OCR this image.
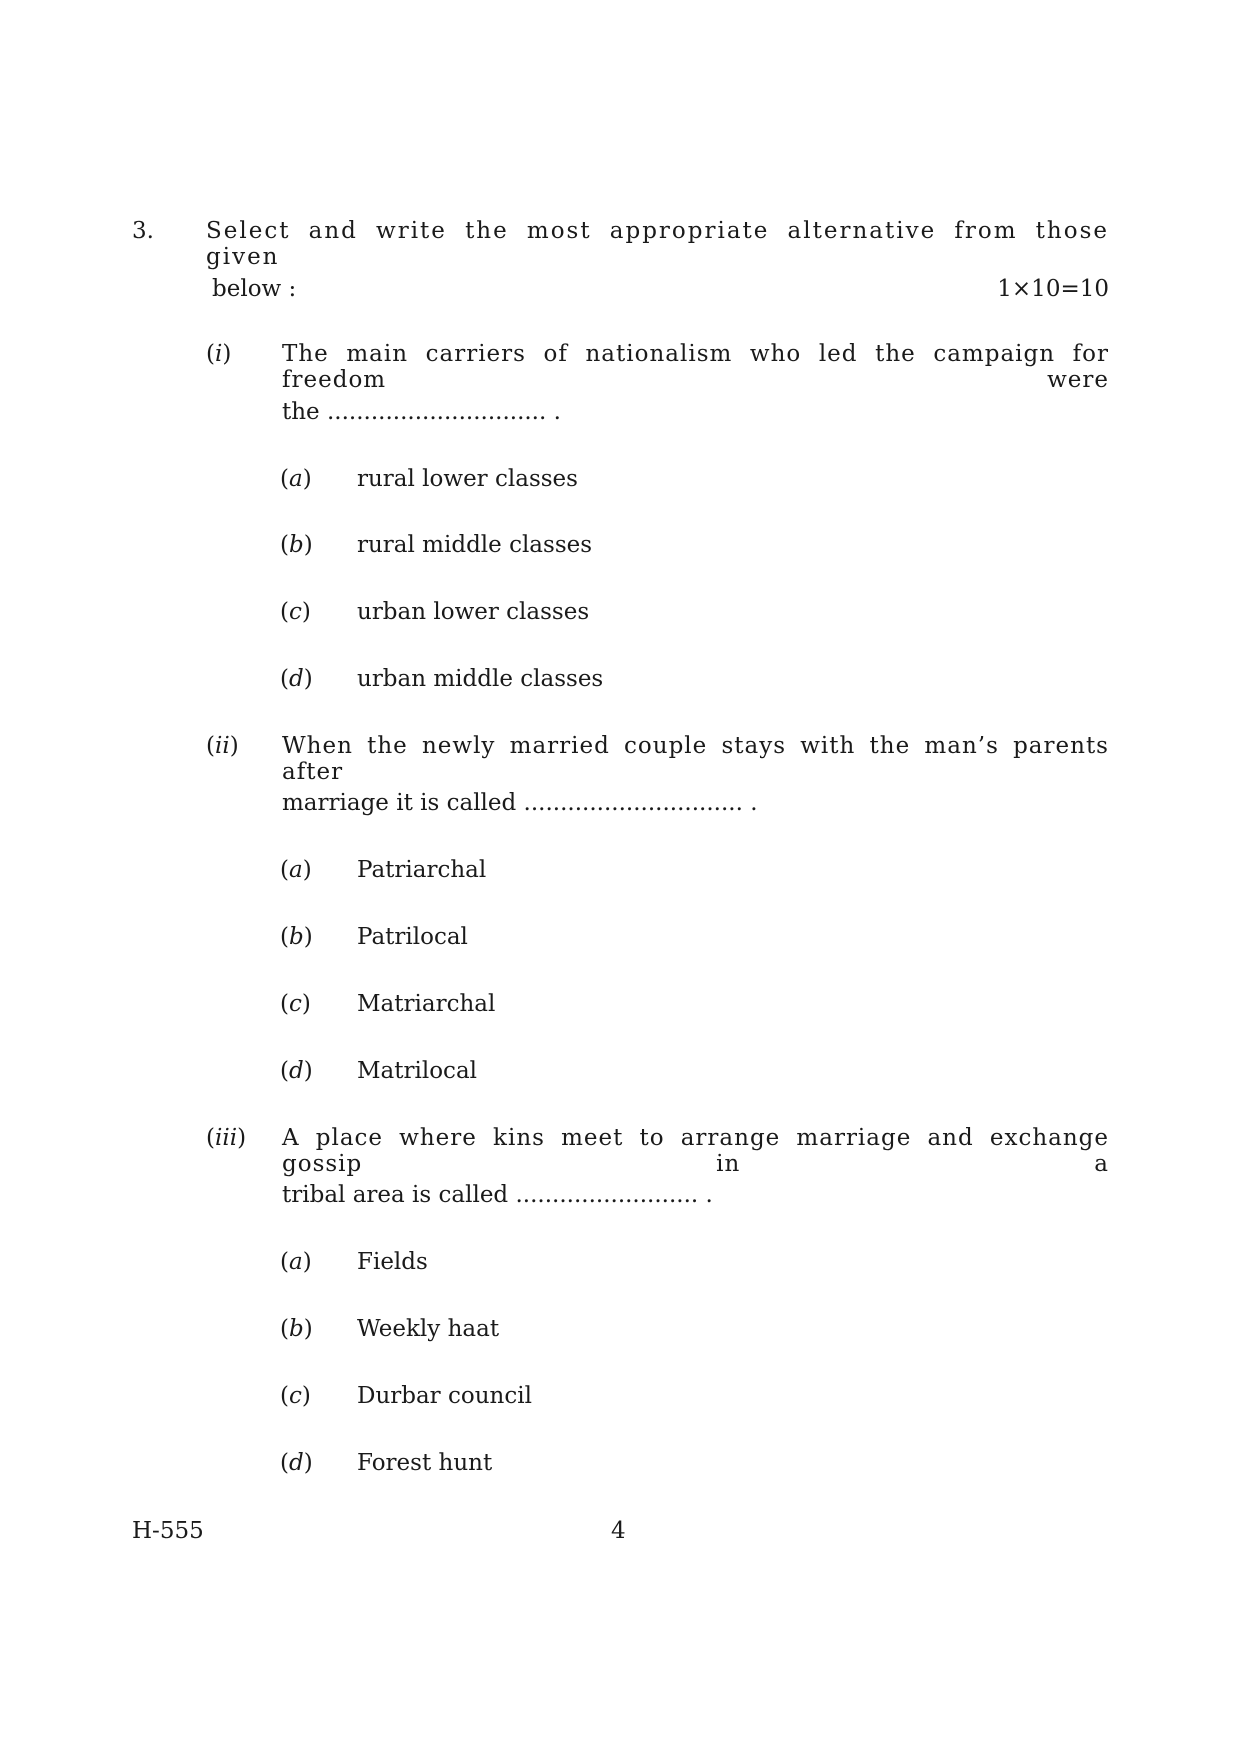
3. Select and write the most appropriate alternative from those given
below :	1×10=10
(i) The main carriers of nationalism who led the campaign for freedom were
the .............................. .
(a) rural lower classes
(b) rural middle classes
(c) urban lower classes
(d) urban middle classes
(ii) When the newly married couple stays with the man’s parents after
marriage it is called .............................. .
(a) Patriarchal
(b) Patrilocal
(c) Matriarchal
(d) Matrilocal
(iii) A place where kins meet to arrange marriage and exchange gossip in a
tribal area is called ......................... .
(a) Fields
(b) Weekly haat
(c) Durbar council
(d) Forest hunt
H-555	4
